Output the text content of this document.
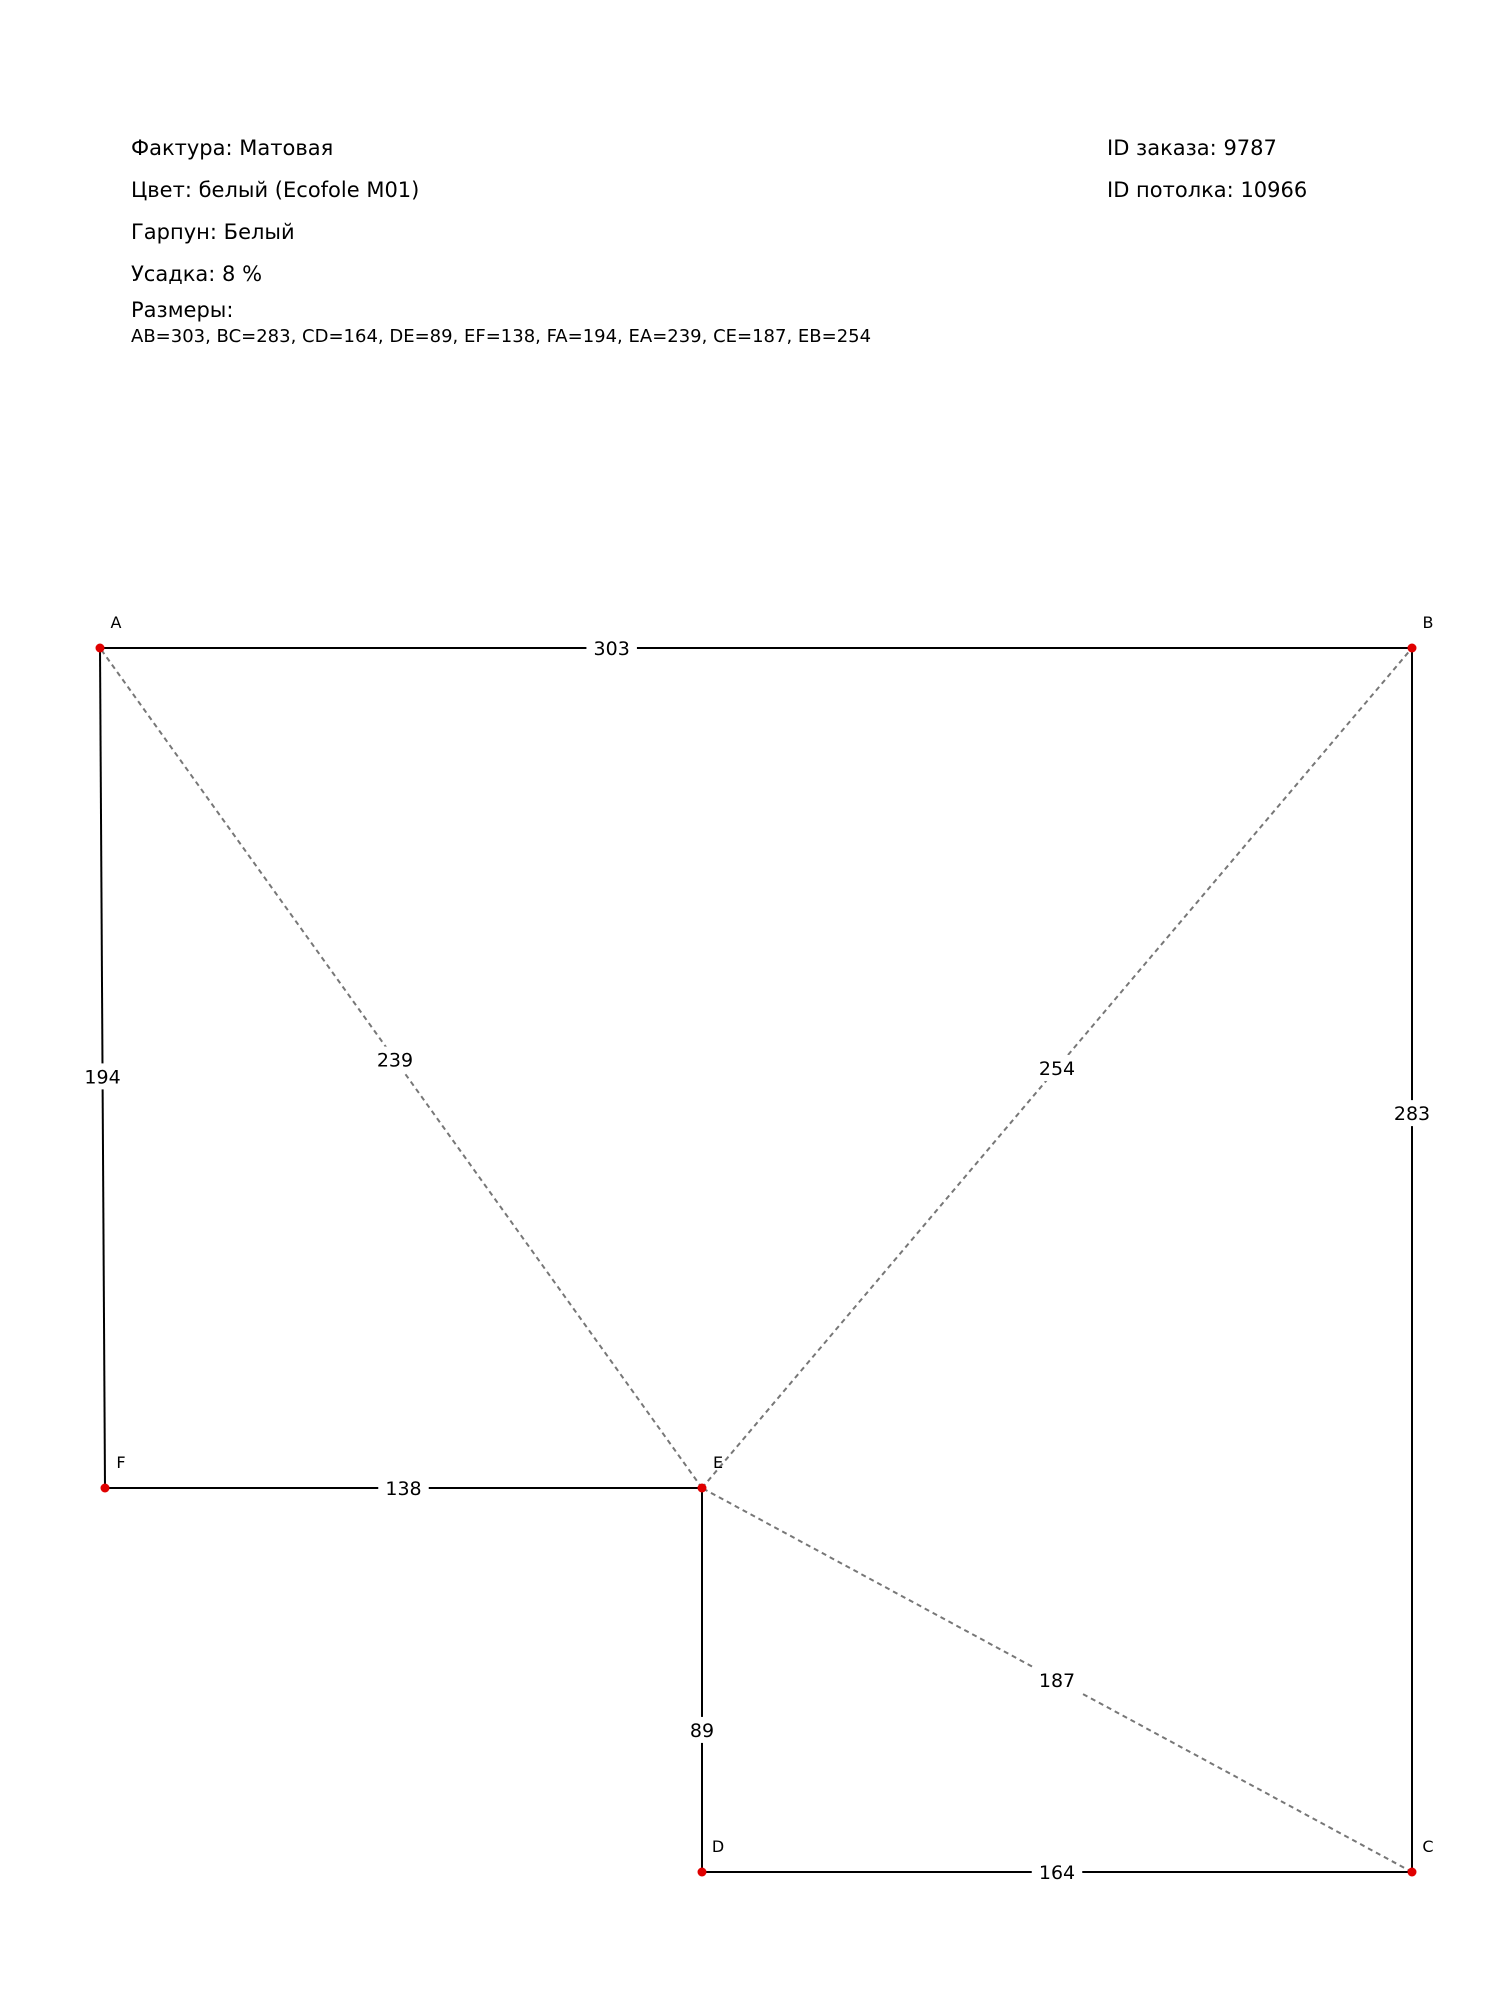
Фактура: Матовая
Цвет: белый (Ecofole M01)
Гарпун: Белый
Усадка: 8 %
Размеры:
AB=303, BC=283, CD=164, DE=89, EF=138, FA=194, EA=239, CE=187, EB=254
ID заказа: 9787
ID потолка: 10966
239
187
254
303
283
164
89
138
194
A	B
C
D
E
F
